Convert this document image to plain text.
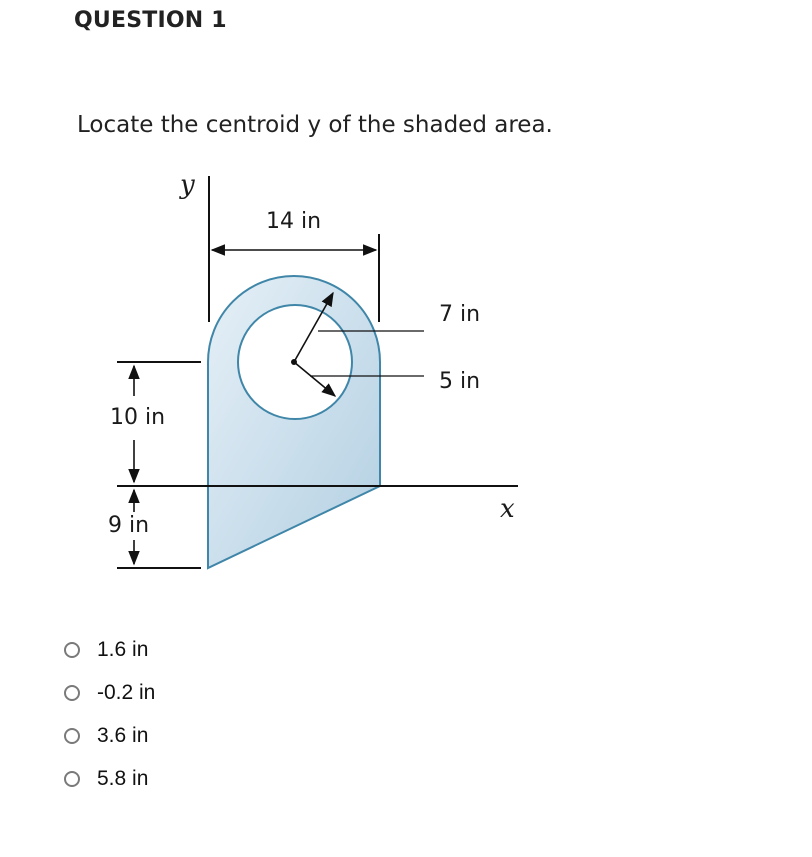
QUESTION 1
Locate the centroid y of the shaded area.
y
x
14 in
7 in
5 in
10 in
9 in
1.6 in
-0.2 in
3.6 in
5.8 in
